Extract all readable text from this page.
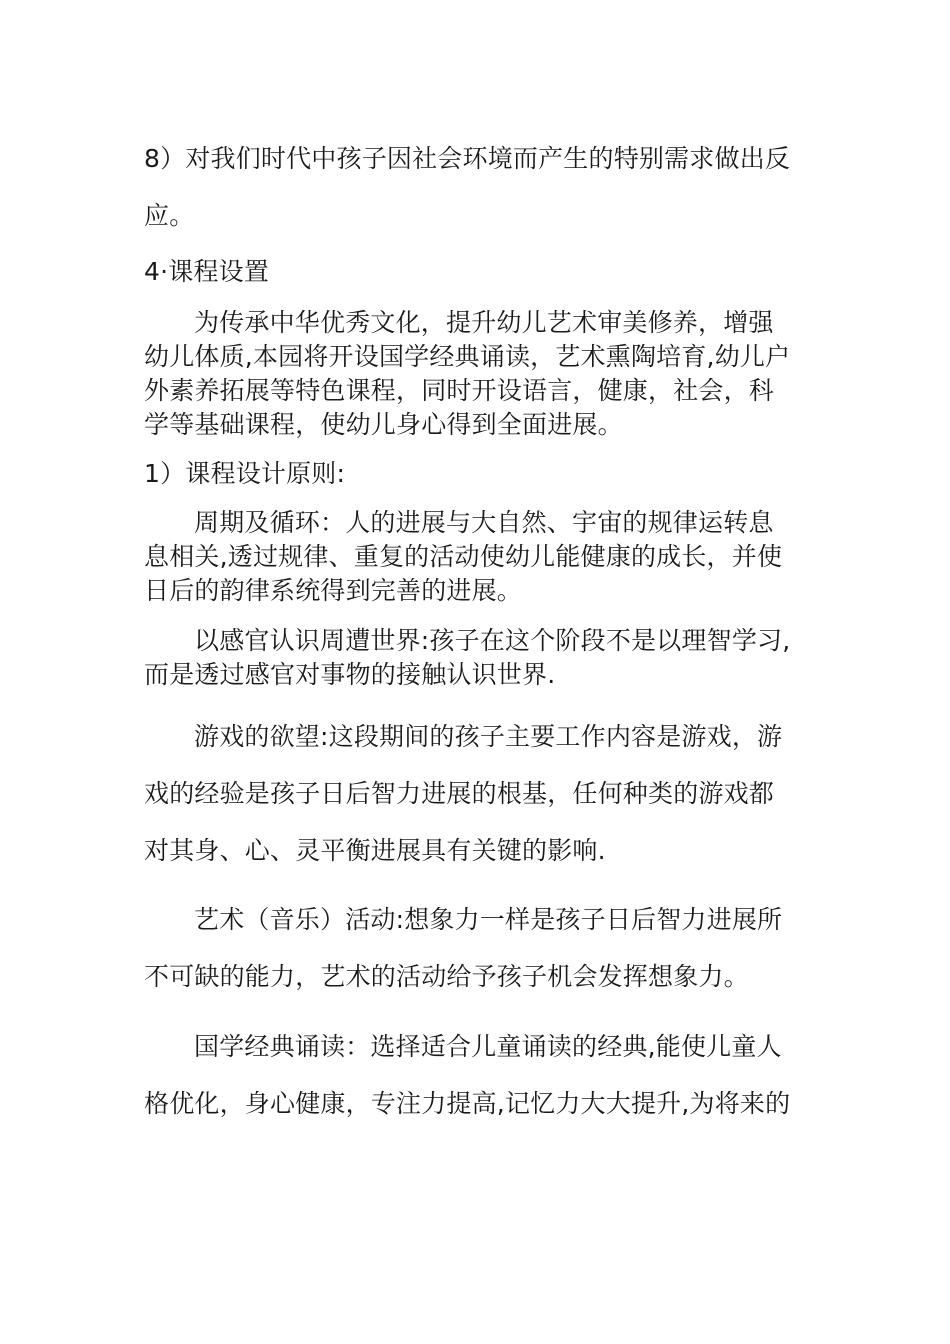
8）对我们时代中孩子因社会环境而产生的特别需求做出反
应。
4·课程设置
为传承中华优秀文化，提升幼儿艺术审美修养，增强
幼儿体质,本园将开设国学经典诵读，艺术熏陶培育,幼儿户
外素养拓展等特色课程，同时开设语言，健康，社会，科
学等基础课程，使幼儿身心得到全面进展。
1）课程设计原则:
周期及循环：人的进展与大自然、宇宙的规律运转息
息相关,透过规律、重复的活动使幼儿能健康的成长，并使
日后的韵律系统得到完善的进展。
以感官认识周遭世界:孩子在这个阶段不是以理智学习,
而是透过感官对事物的接触认识世界.
游戏的欲望:这段期间的孩子主要工作内容是游戏，游
戏的经验是孩子日后智力进展的根基，任何种类的游戏都
对其身、心、灵平衡进展具有关键的影响.
艺术（音乐）活动:想象力一样是孩子日后智力进展所
不可缺的能力，艺术的活动给予孩子机会发挥想象力。
国学经典诵读：选择适合儿童诵读的经典,能使儿童人
格优化，身心健康，专注力提高,记忆力大大提升,为将来的
